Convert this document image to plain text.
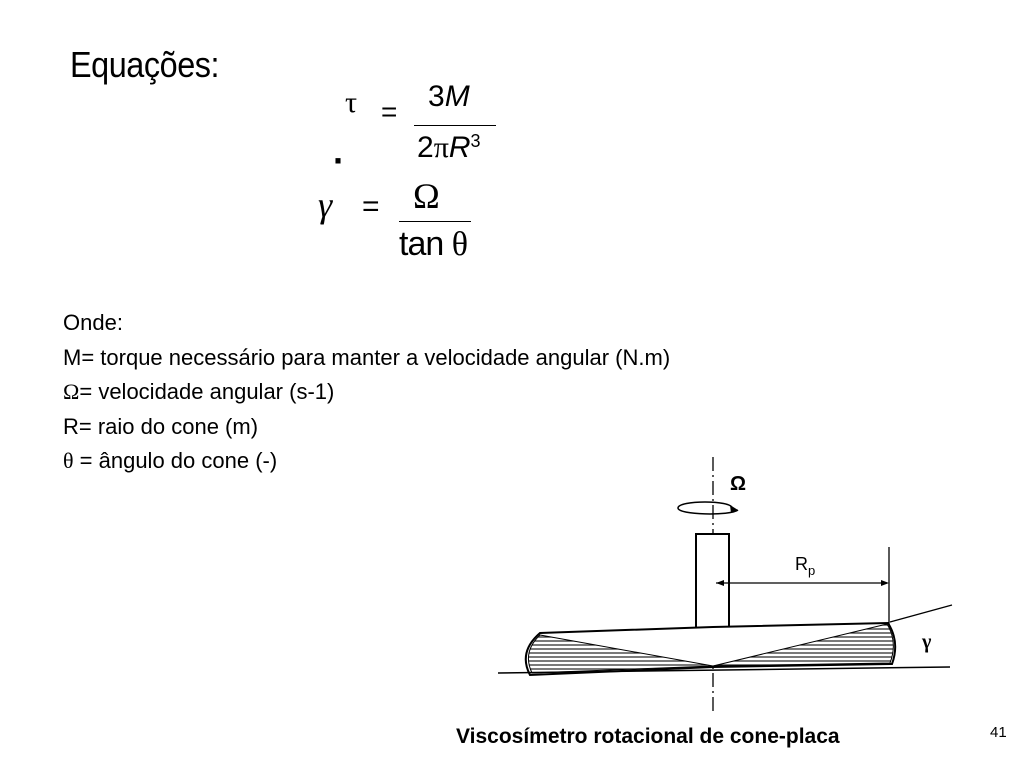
Equações:
τ = 3M
$2\pi R^3$
·
γ = Ω
tan θ
Onde:
M= torque necessário para manter a velocidade angular (N.m)
Ω= velocidade angular (s-1)
R= raio do cone (m)
θ = ângulo do cone (-)
Ω
$R_p$
γ
Viscosímetro rotacional de cone-placa	41
